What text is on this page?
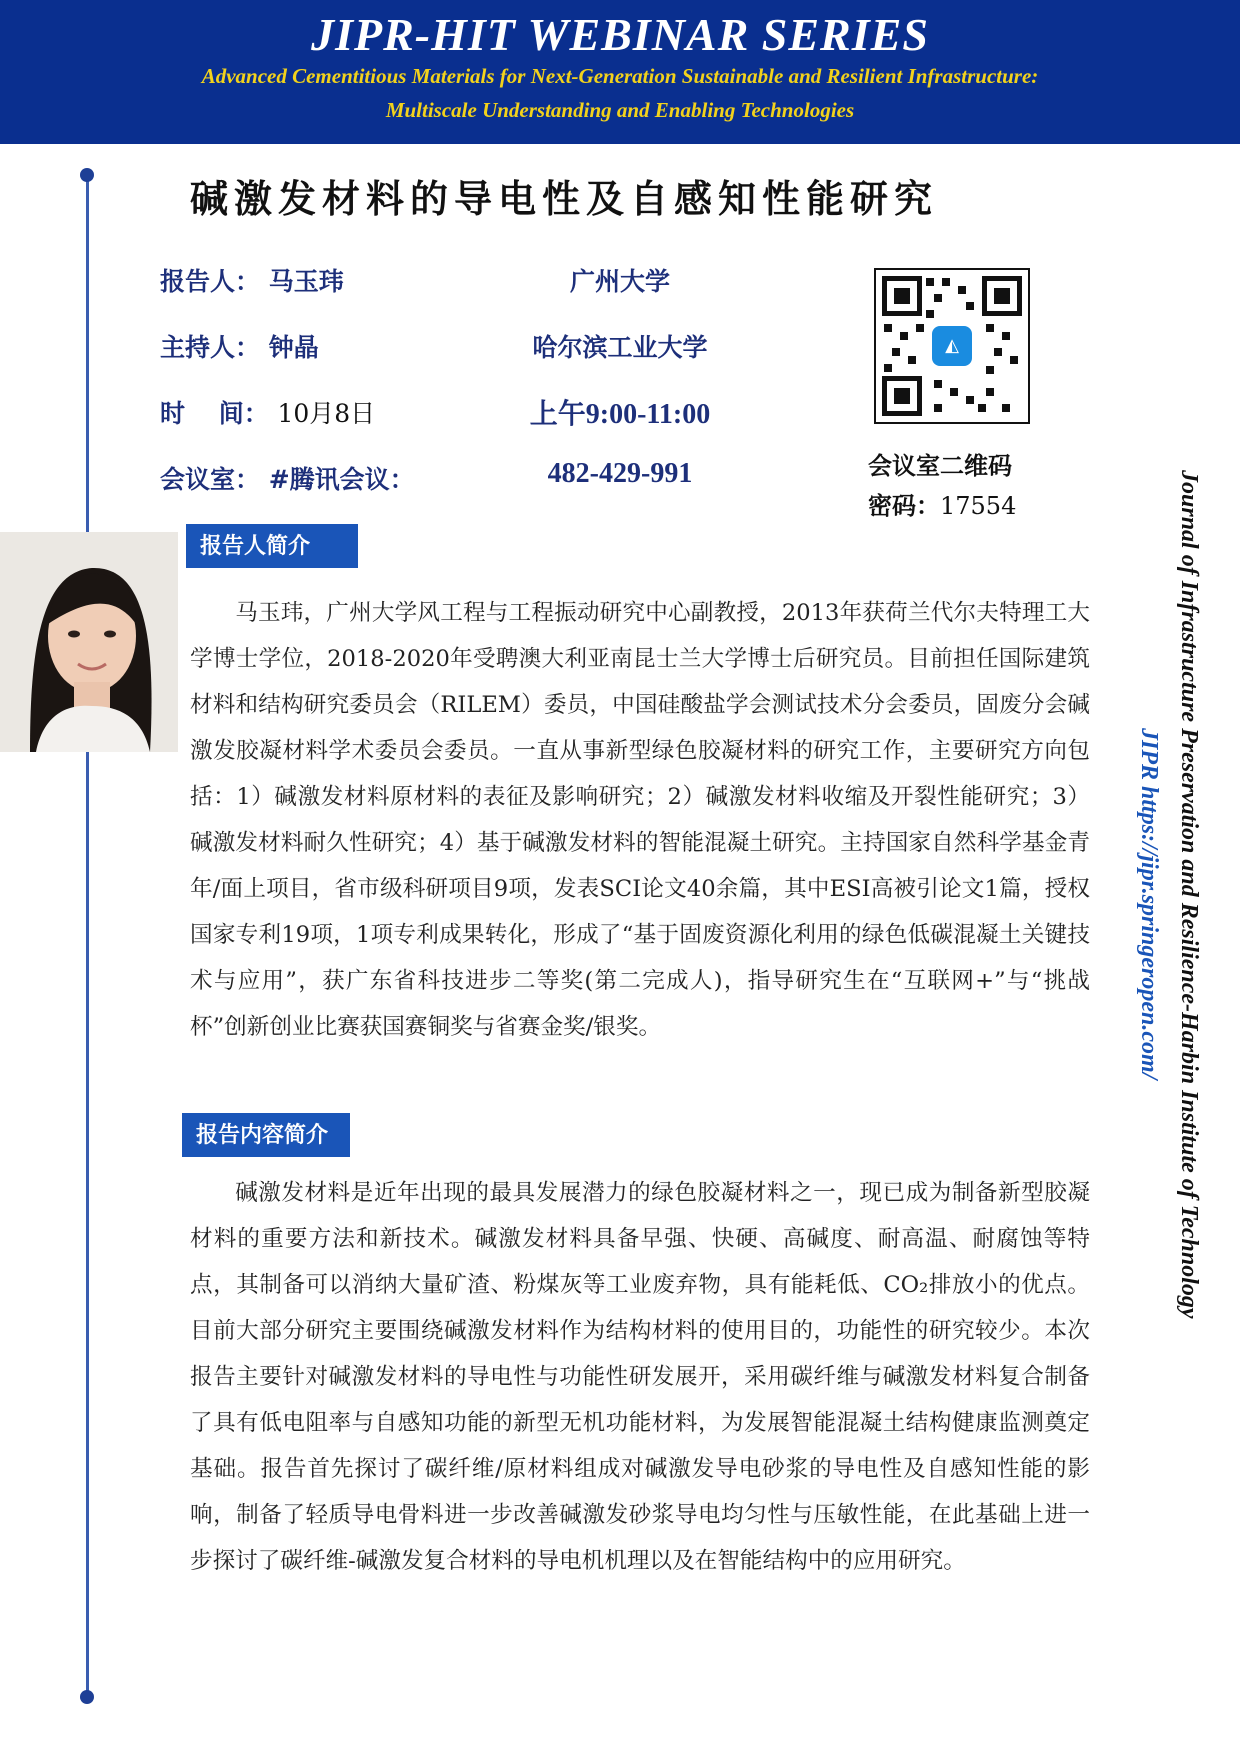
JIPR-HIT WEBINAR SERIES
Advanced Cementitious Materials for Next-Generation Sustainable and Resilient Infrastructure:
Multiscale Understanding and Enabling Technologies
碱激发材料的导电性及自感知性能研究
报告人： 马玉玮	广州大学
主持人： 钟晶	哈尔滨工业大学
时　 间： 10月8日	上午9:00-11:00
会议室： #腾讯会议：	482-429-991
◭
会议室二维码
密码：17554
报告人简介
马玉玮，广州大学风工程与工程振动研究中心副教授，2013年获荷兰代尔夫特理工大学博士学位，2018-2020年受聘澳大利亚南昆士兰大学博士后研究员。目前担任国际建筑材料和结构研究委员会（RILEM）委员，中国硅酸盐学会测试技术分会委员，固废分会碱激发胶凝材料学术委员会委员。一直从事新型绿色胶凝材料的研究工作，主要研究方向包括：1）碱激发材料原材料的表征及影响研究；2）碱激发材料收缩及开裂性能研究；3）碱激发材料耐久性研究；4）基于碱激发材料的智能混凝土研究。主持国家自然科学基金青年/面上项目，省市级科研项目9项，发表SCI论文40余篇，其中ESI高被引论文1篇，授权国家专利19项，1项专利成果转化，形成了“基于固废资源化利用的绿色低碳混凝土关键技术与应用”，获广东省科技进步二等奖(第二完成人)，指导研究生在“互联网+”与“挑战杯”创新创业比赛获国赛铜奖与省赛金奖/银奖。
报告内容简介
碱激发材料是近年出现的最具发展潜力的绿色胶凝材料之一，现已成为制备新型胶凝材料的重要方法和新技术。碱激发材料具备早强、快硬、高碱度、耐高温、耐腐蚀等特点，其制备可以消纳大量矿渣、粉煤灰等工业废弃物，具有能耗低、CO₂排放小的优点。目前大部分研究主要围绕碱激发材料作为结构材料的使用目的，功能性的研究较少。本次报告主要针对碱激发材料的导电性与功能性研发展开，采用碳纤维与碱激发材料复合制备了具有低电阻率与自感知功能的新型无机功能材料，为发展智能混凝土结构健康监测奠定基础。报告首先探讨了碳纤维/原材料组成对碱激发导电砂浆的导电性及自感知性能的影响，制备了轻质导电骨料进一步改善碱激发砂浆导电均匀性与压敏性能，在此基础上进一步探讨了碳纤维-碱激发复合材料的导电机机理以及在智能结构中的应用研究。
Journal of Infrastructure Preservation and Resilience-Harbin Institute of Technology
JIPR https://jipr.springeropen.com/
